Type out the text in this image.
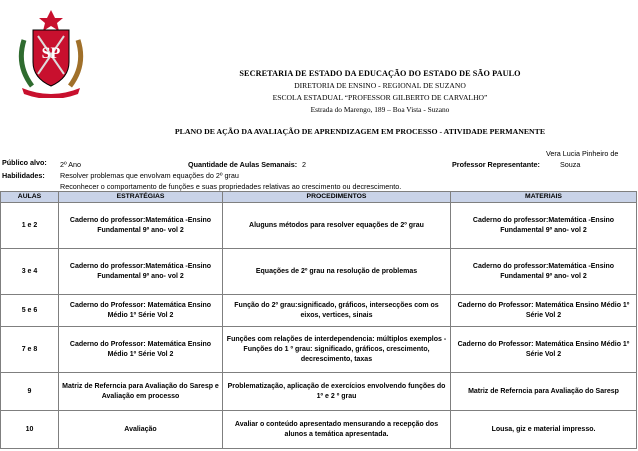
SP
SECRETARIA DE ESTADO DA EDUCAÇÃO DO ESTADO DE SÃO PAULO
DIRETORIA DE ENSINO - REGIONAL DE SUZANO
ESCOLA ESTADUAL “PROFESSOR GILBERTO DE CARVALHO”
Estrada do Marengo, 189 – Boa Vista - Suzano
PLANO DE AÇÃO DA AVALIAÇÃO DE APRENDIZAGEM EM PROCESSO - ATIVIDADE PERMANENTE
Público alvo: 2º Ano	Quantidade de Aulas Semanais: 2	Professor Representante:
Vera Lucia Pinheiro de
Souza
Habilidades: Resolver problemas que envolvam equações do 2º grau
Reconhecer o comportamento de funções e suas propriedades relativas ao crescimento ou decrescimento.
AULAS	ESTRATÉGIAS	PROCEDIMENTOS	MATERIAIS
1 e 2	Caderno do professor:Matemática -Ensino Fundamental 9º ano- vol 2	Aluguns métodos para resolver equações de 2º grau	Caderno do professor:Matemática -Ensino Fundamental 9º ano- vol 2
3 e 4	Caderno do professor:Matemática -Ensino Fundamental 9º ano- vol 2	Equações de 2º grau na resolução de problemas	Caderno do professor:Matemática -Ensino Fundamental 9º ano- vol 2
5 e 6	Caderno do Professor: Matemática Ensino Médio 1º Série Vol 2	Função do 2º grau:significado, gráficos, intersecções com os eixos, vertices, sinais	Caderno do Professor: Matemática Ensino Médio 1º Série Vol 2
7 e 8	Caderno do Professor: Matemática Ensino Médio 1º Série Vol 2	Funções com relações de interdependencia: múltiplos exemplos -Funções do 1 º grau: significado, gráficos, crescimento, decrescimento, taxas	Caderno do Professor: Matemática Ensino Médio 1º Série Vol 2
9	Matriz de Referncia para Avaliação do Saresp e Avaliação em processo	Problematização, aplicação de exercícios envolvendo funções do 1º e 2 º grau	Matriz de Referncia para Avaliação do Saresp
10	Avaliação	Avaliar o conteúdo apresentado mensurando a recepção dos alunos a temática apresentada.	Lousa, giz e material impresso.
